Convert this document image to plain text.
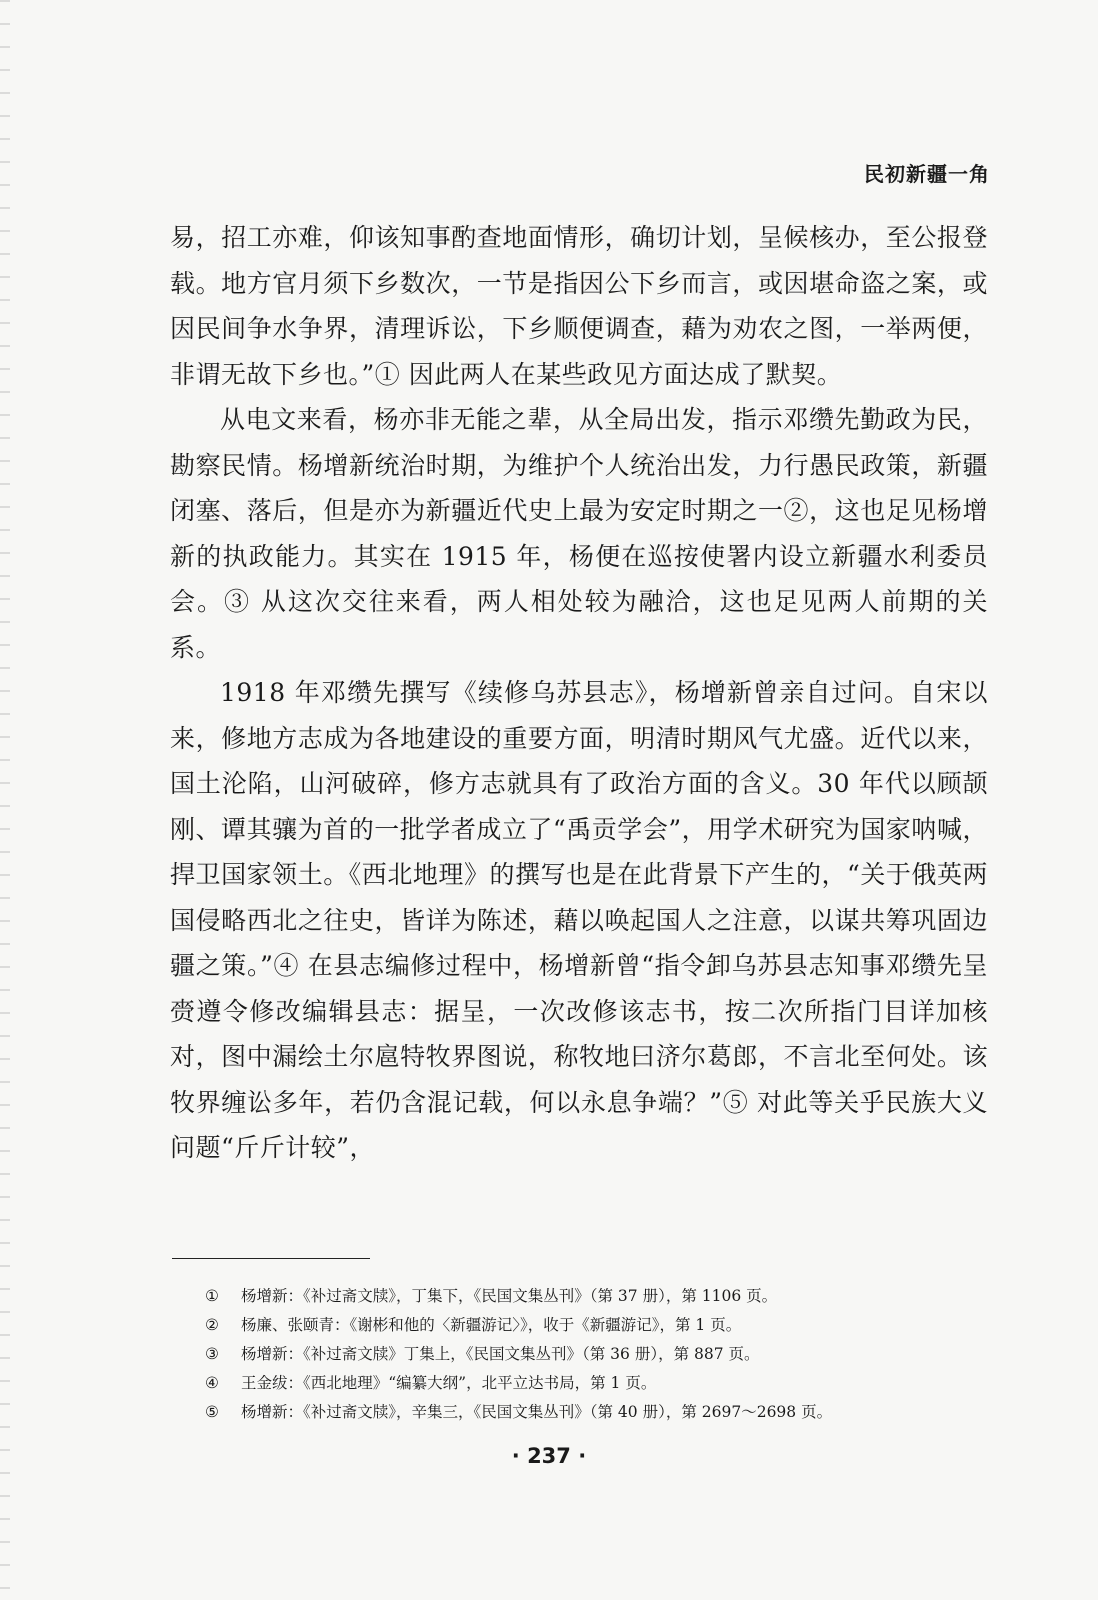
民初新疆一角

易，招工亦难，仰该知事酌查地面情形，确切计划，呈候核办，至公报登载。地方官月须下乡数次，一节是指因公下乡而言，或因堪命盗之案，或因民间争水争界，清理诉讼，下乡顺便调查，藉为劝农之图，一举两便，非谓无故下乡也。”① 因此两人在某些政见方面达成了默契。

从电文来看，杨亦非无能之辈，从全局出发，指示邓缵先勤政为民，勘察民情。杨增新统治时期，为维护个人统治出发，力行愚民政策，新疆闭塞、落后，但是亦为新疆近代史上最为安定时期之一②，这也足见杨增新的执政能力。其实在 1915 年，杨便在巡按使署内设立新疆水利委员会。③ 从这次交往来看，两人相处较为融洽，这也足见两人前期的关系。

1918 年邓缵先撰写《续修乌苏县志》，杨增新曾亲自过问。自宋以来，修地方志成为各地建设的重要方面，明清时期风气尤盛。近代以来，国土沦陷，山河破碎，修方志就具有了政治方面的含义。30 年代以顾颉刚、谭其骧为首的一批学者成立了“禹贡学会”，用学术研究为国家呐喊，捍卫国家领土。《西北地理》的撰写也是在此背景下产生的，“关于俄英两国侵略西北之往史，皆详为陈述，藉以唤起国人之注意，以谋共筹巩固边疆之策。”④ 在县志编修过程中，杨增新曾“指令卸乌苏县志知事邓缵先呈赍遵令修改编辑县志：据呈，一次改修该志书，按二次所指门目详加核对，图中漏绘土尔扈特牧界图说，称牧地曰济尔葛郎，不言北至何处。该牧界缠讼多年，若仍含混记载，何以永息争端？”⑤ 对此等关乎民族大义问题“斤斤计较”，

① 杨增新：《补过斋文牍》，丁集下，《民国文集丛刊》（第 37 册），第 1106 页。
② 杨廉、张颐青：《谢彬和他的〈新疆游记〉》，收于《新疆游记》，第 1 页。
③ 杨增新：《补过斋文牍》丁集上，《民国文集丛刊》（第 36 册），第 887 页。
④ 王金绂：《西北地理》“编纂大纲”，北平立达书局，第 1 页。
⑤ 杨增新：《补过斋文牍》，辛集三，《民国文集丛刊》（第 40 册），第 2697～2698 页。
· 237 ·
